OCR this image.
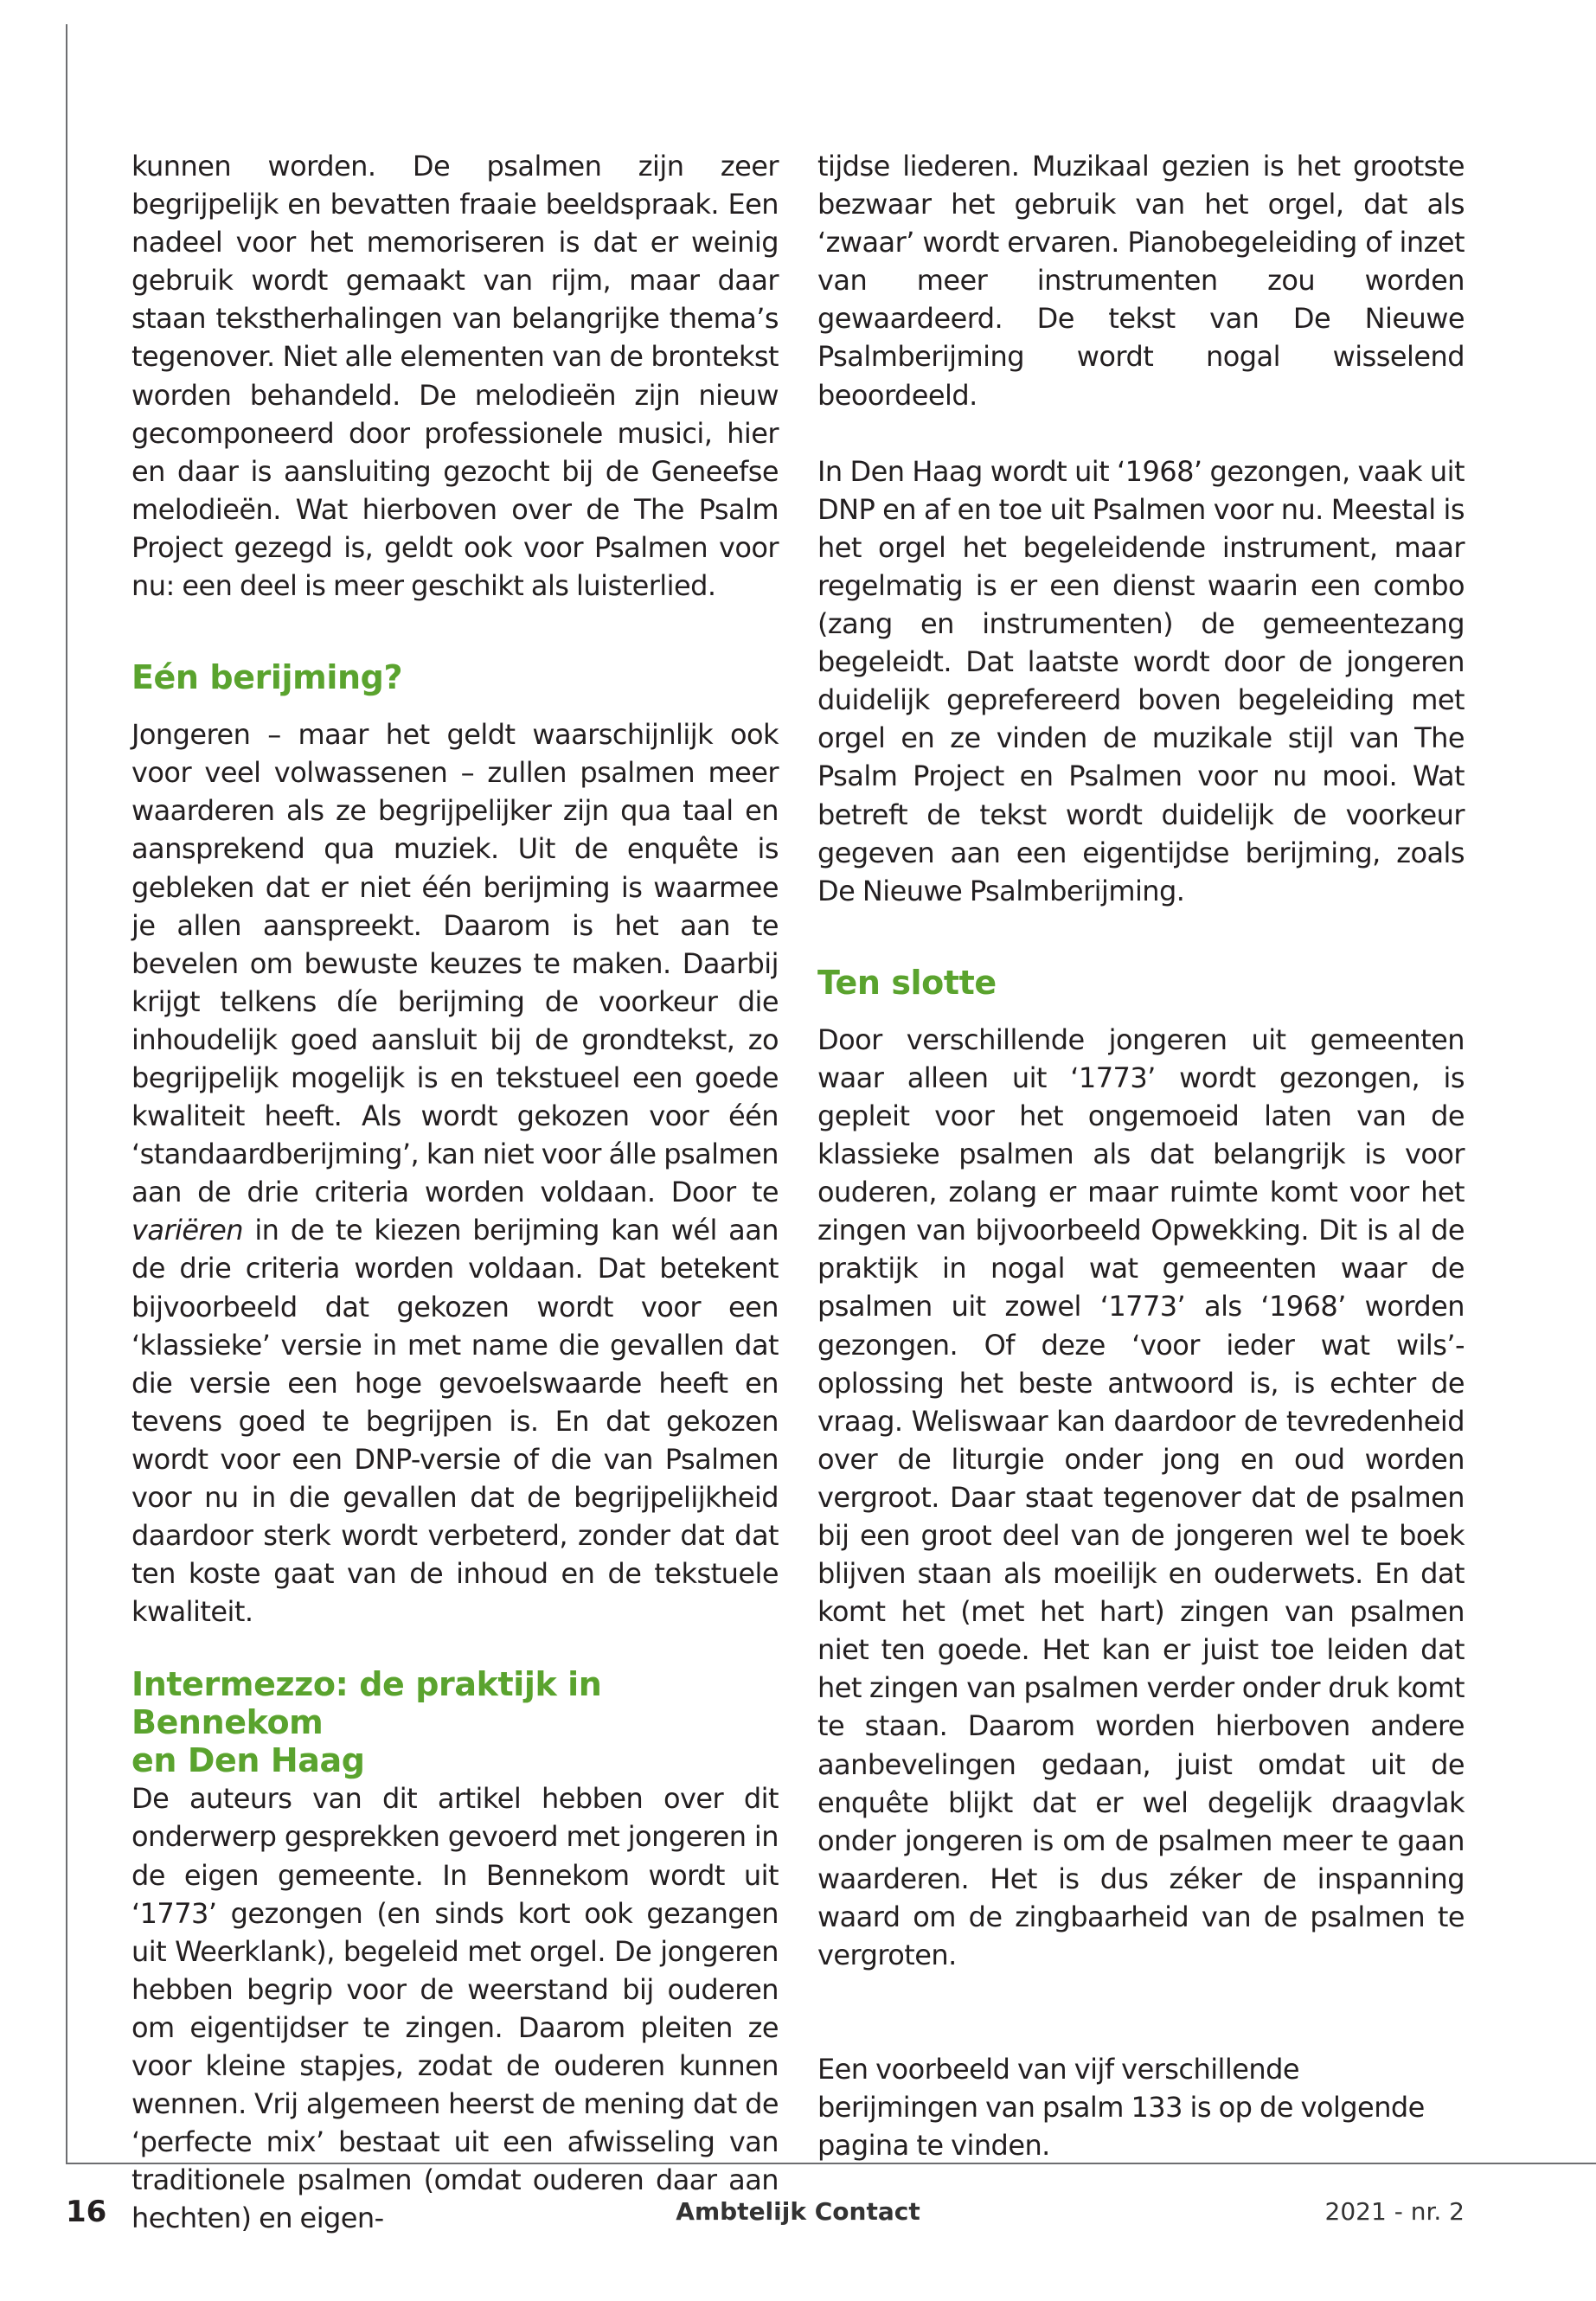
kunnen worden. De psalmen zijn zeer begrijpelijk en bevatten fraaie beeldspraak. Een nadeel voor het memoriseren is dat er weinig gebruik wordt gemaakt van rijm, maar daar staan tekstherhalingen van belangrijke thema’s tegenover. Niet alle elementen van de brontekst worden behandeld. De melodieën zijn nieuw gecomponeerd door professionele musici, hier en daar is aansluiting gezocht bij de Geneefse melodieën. Wat hierboven over de The Psalm Project gezegd is, geldt ook voor Psalmen voor nu: een deel is meer geschikt als luisterlied.

Eén berijming?

Jongeren – maar het geldt waarschijnlijk ook voor veel volwassenen – zullen psalmen meer waarderen als ze begrijpelijker zijn qua taal en aansprekend qua muziek. Uit de enquête is gebleken dat er niet één berijming is waarmee je allen aanspreekt. Daarom is het aan te bevelen om bewuste keuzes te maken. Daarbij krijgt telkens díe berijming de voorkeur die inhoudelijk goed aansluit bij de grondtekst, zo begrijpelijk mogelijk is en tekstueel een goede kwaliteit heeft. Als wordt gekozen voor één ‘standaardberijming’, kan niet voor álle psalmen aan de drie criteria worden voldaan. Door te variëren in de te kiezen berijming kan wél aan de drie criteria worden voldaan. Dat betekent bijvoorbeeld dat gekozen wordt voor een ‘klassieke’ versie in met name die gevallen dat die versie een hoge gevoelswaarde heeft en tevens goed te begrijpen is. En dat gekozen wordt voor een DNP-versie of die van Psalmen voor nu in die gevallen dat de begrijpelijkheid daardoor sterk wordt verbeterd, zonder dat dat ten koste gaat van de inhoud en de tekstuele kwaliteit.

Intermezzo: de praktijk in Bennekom
en Den Haag

De auteurs van dit artikel hebben over dit onderwerp gesprekken gevoerd met jongeren in de eigen gemeente. In Bennekom wordt uit ‘1773’ gezongen (en sinds kort ook gezangen uit Weerklank), begeleid met orgel. De jongeren hebben begrip voor de weerstand bij ouderen om eigentijdser te zingen. Daarom pleiten ze voor kleine stapjes, zodat de ouderen kunnen wennen. Vrij algemeen heerst de mening dat de ‘perfecte mix’ bestaat uit een afwisseling van traditionele psalmen (omdat ouderen daar aan hechten) en eigen-

tijdse liederen. Muzikaal gezien is het grootste bezwaar het gebruik van het orgel, dat als ‘zwaar’ wordt ervaren. Pianobegeleiding of inzet van meer instrumenten zou worden gewaardeerd. De tekst van De Nieuwe Psalmberijming wordt nogal wisselend beoordeeld.

In Den Haag wordt uit ‘1968’ gezongen, vaak uit DNP en af en toe uit Psalmen voor nu. Meestal is het orgel het begeleidende instrument, maar regelmatig is er een dienst waarin een combo (zang en instrumenten) de gemeentezang begeleidt. Dat laatste wordt door de jongeren duidelijk geprefereerd boven begeleiding met orgel en ze vinden de muzikale stijl van The Psalm Project en Psalmen voor nu mooi. Wat betreft de tekst wordt duidelijk de voorkeur gegeven aan een eigentijdse berijming, zoals De Nieuwe Psalmberijming.

Ten slotte

Door verschillende jongeren uit gemeenten waar alleen uit ‘1773’ wordt gezongen, is gepleit voor het ongemoeid laten van de klassieke psalmen als dat belangrijk is voor ouderen, zolang er maar ruimte komt voor het zingen van bijvoorbeeld Opwekking. Dit is al de praktijk in nogal wat gemeenten waar de psalmen uit zowel ‘1773’ als ‘1968’ worden gezongen. Of deze ‘voor ieder wat wils’-oplossing het beste antwoord is, is echter de vraag. Weliswaar kan daardoor de tevredenheid over de liturgie onder jong en oud worden vergroot. Daar staat tegenover dat de psalmen bij een groot deel van de jongeren wel te boek blijven staan als moeilijk en ouderwets. En dat komt het (met het hart) zingen van psalmen niet ten goede. Het kan er juist toe leiden dat het zingen van psalmen verder onder druk komt te staan. Daarom worden hierboven andere aanbevelingen gedaan, juist omdat uit de enquête blijkt dat er wel degelijk draagvlak onder jongeren is om de psalmen meer te gaan waarderen. Het is dus zéker de inspanning waard om de zingbaarheid van de psalmen te vergroten.

Een voorbeeld van vijf verschillende berijmingen van psalm 133 is op de volgende pagina te vinden.

16	Ambtelijk Contact	2021 - nr. 2
